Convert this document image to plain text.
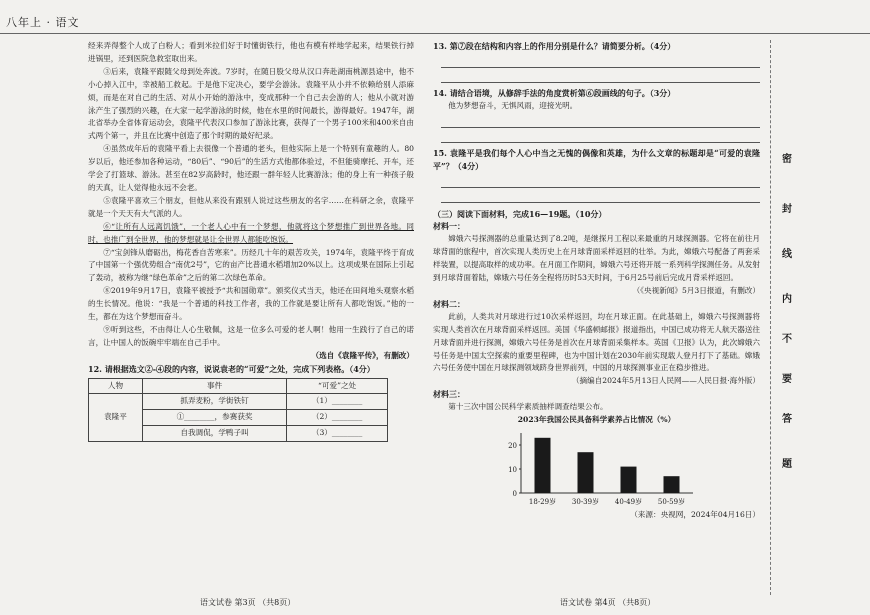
八年上 · 语文

经来弄得整个人成了白粉人；看到米拉们好于时懂街铁行，他也有模有样地学起来，结果铁行掉进锅里，还到医院急救室取出来。

③后来，袁隆平跟随父母到处奔波。7岁时，在随日股父母从汉口奔赴湖南桃源县途中，他不小心掉入江中，幸被船工救起。于是他下定决心，要学会游泳。袁隆平从小并不依赖给别人添麻烦，而是在对自己的生活、对从小开始的游泳中，变成那种一个自己去会游的人；他从小就对游泳产生了强烈的兴趣，在大家一起学游泳的时候，他在水里的时间最长，游得最好。1947年，湖北省举办全省体育运动会，袁隆平代表汉口参加了游泳比赛，获得了一个男子100米和400米自由式两个第一，并且在比赛中创造了那个时期的最好纪录。

④虽然成年后的袁隆平看上去很像一个普通的老头，但他实际上是一个特别有童趣的人。80岁以后，他还参加各种运动，“80后”、“90后”的生活方式他都体验过，不但能骑摩托、开车，还学会了打篮球、游泳。甚至在82岁高龄时，他还跟一群年轻人比赛游泳；他的身上有一种孩子般的天真，让人觉得他永远不会老。

⑤袁隆平喜欢三个朋友，但他从来没有跟别人说过这些朋友的名字……在科研之余，袁隆平就是一个天天有大气派的人。

⑥“让所有人远离饥饿”，一个老人心中有一个梦想，他就将这个梦想推广到世界各地。同时，也推广到全世界，他的梦想就是让全世界人都能吃饱饭。

⑦“宝剑锋从磨砺出，梅花香自苦寒来”。历经几十年的艰苦攻关，1974年，袁隆平终于育成了中国第一个强优势组合“南优2号”，它的亩产比普通水稻增加20%以上。这项成果在国际上引起了轰动，被称为继“绿色革命”之后的第二次绿色革命。

⑧2019年9月17日，袁隆平被授予“共和国勋章”。颁奖仪式当天，他还在田间地头观察水稻的生长情况。他说：“我是一个普通的科技工作者，我的工作就是要让所有人都吃饱饭。”他的一生，都在为这个梦想而奋斗。

⑨听到这些，不由得让人心生敬佩，这是一位多么可爱的老人啊！他用一生践行了自己的诺言，让中国人的饭碗牢牢端在自己手中。

（选自《袁隆平传》，有删改）

12. 请根据选文②-④段的内容，说说袁老的“可爱”之处，完成下列表格。（4分）

人物	事件	“可爱”之处
袁隆平	抓弄麦粉，学街铁钉	（1）________
	①________，参赛获奖	（2）________
	自我调侃，学鸭子叫	（3）________

13. 第⑦段在结构和内容上的作用分别是什么？请简要分析。（4分）

14. 请结合语境，从修辞手法的角度赏析第⑥段画线的句子。（3分）

他为梦想奋斗，无惧风雨，迎接光明。

15. 袁隆平是我们每个人心中当之无愧的偶像和英雄，为什么文章的标题却是“可爱的袁隆平”？（4分）

（三）阅读下面材料，完成16—19题。（10分）

材料一：

嫦娥六号探测器的总重量达到了8.2吨，是继探月工程以来最重的月球探测器。它将在前往月球背面的旅程中，首次实现人类历史上在月球背面采样返回的壮举。为此，嫦娥六号配备了两套采样装置，以提高取样的成功率。在月面工作期间，嫦娥六号还将开展一系列科学探测任务。从发射到月球背面着陆，嫦娥六号任务全程将历时53天时间，于6月25号前后完成月背采样返回。

（《央视新闻》5月3日报道，有删改）

材料二：

此前，人类共对月球进行过10次采样返回，均在月球正面。在此基础上，嫦娥六号探测器将实现人类首次在月球背面采样返回。美国《华盛顿邮报》报道指出，中国已成功将无人航天器送往月球背面并进行探测，嫦娥六号任务是首次在月球背面采集样本。英国《卫报》认为，此次嫦娥六号任务是中国太空探索的重要里程碑，也为中国计划在2030年前实现载人登月打下了基础。嫦娥六号任务使中国在月球探测领域跻身世界前列，中国的月球探测事业正在稳步推进。

（摘编自2024年5月13日人民网——人民日报·海外版）

材料三：

第十三次中国公民科学素质抽样调查结果公布。

2023年我国公民具备科学素养占比情况（%）
0
10
20
18-29岁 30-39岁 40-49岁 50-59岁

（来源：央视网，2024年04月16日）

密
封
线
内
不
要
答
题
语文试卷 第3页 （共8页）	语文试卷 第4页 （共8页）
